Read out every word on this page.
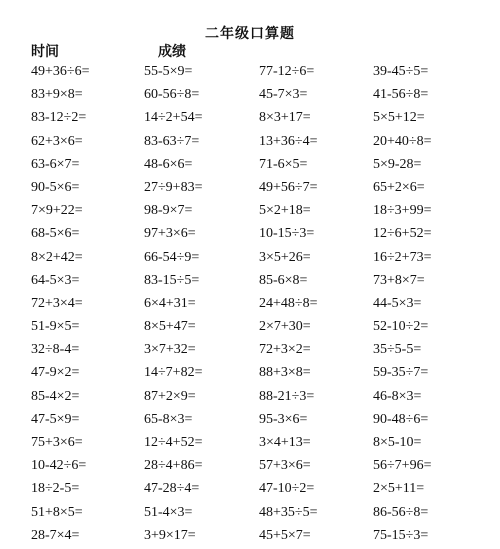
二年级口算题
时间	成绩
49+36÷6=	55-5×9=	77-12÷6=	39-45÷5=
83+9×8=	60-56÷8=	45-7×3=	41-56÷8=
83-12÷2=	14÷2+54=	8×3+17=	5×5+12=
62+3×6=	83-63÷7=	13+36÷4=	20+40÷8=
63-6×7=	48-6×6=	71-6×5=	5×9-28=
90-5×6=	27÷9+83=	49+56÷7=	65+2×6=
7×9+22=	98-9×7=	5×2+18=	18÷3+99=
68-5×6=	97+3×6=	10-15÷3=	12÷6+52=
8×2+42=	66-54÷9=	3×5+26=	16÷2+73=
64-5×3=	83-15÷5=	85-6×8=	73+8×7=
72+3×4=	6×4+31=	24+48÷8=	44-5×3=
51-9×5=	8×5+47=	2×7+30=	52-10÷2=
32÷8-4=	3×7+32=	72+3×2=	35÷5-5=
47-9×2=	14÷7+82=	88+3×8=	59-35÷7=
85-4×2=	87+2×9=	88-21÷3=	46-8×3=
47-5×9=	65-8×3=	95-3×6=	90-48÷6=
75+3×6=	12÷4+52=	3×4+13=	8×5-10=
10-42÷6=	28÷4+86=	57+3×6=	56÷7+96=
18÷2-5=	47-28÷4=	47-10÷2=	2×5+11=
51+8×5=	51-4×3=	48+35÷5=	86-56÷8=
28-7×4=	3+9×17=	45+5×7=	75-15÷3=
